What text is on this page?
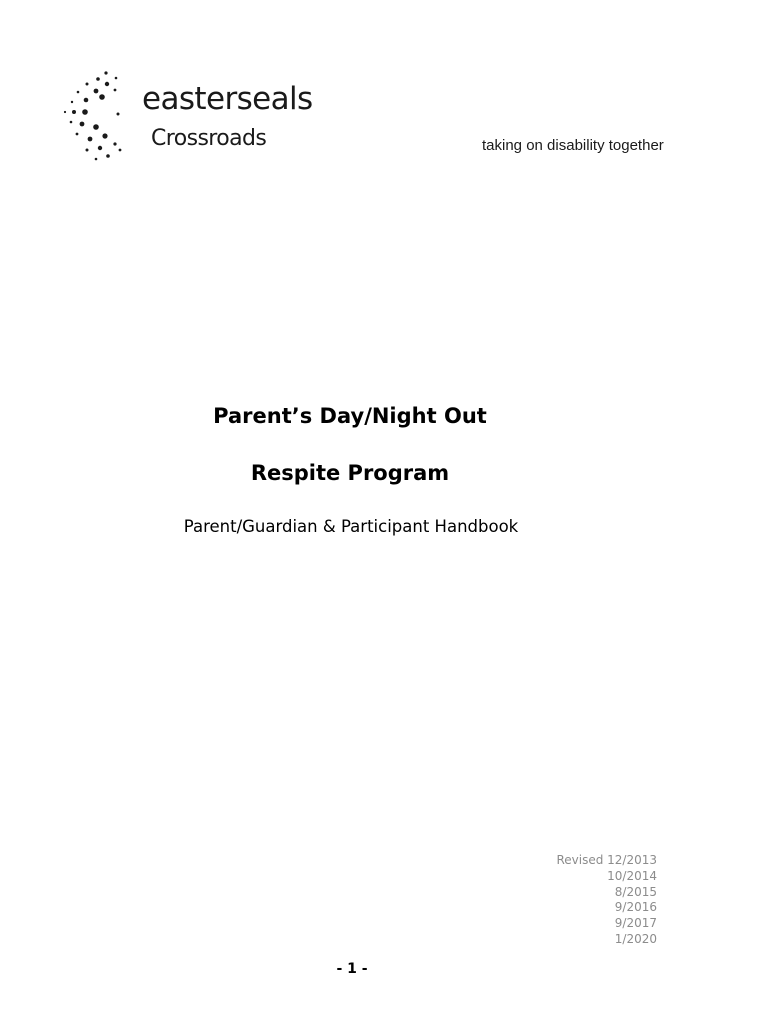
easterseals
Crossroads	taking on disability together
Parent’s Day/Night Out
Respite Program
Parent/Guardian & Participant Handbook
Revised 12/2013
10/2014
8/2015
9/2016
9/2017
1/2020
- 1 -
